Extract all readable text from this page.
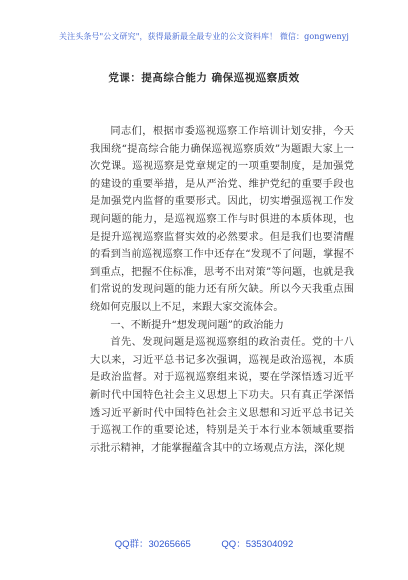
关注头条号"公文研究"，获得最新最全最专业的公文资料库！ 微信：gongwenyj
党课：提高综合能力 确保巡视巡察质效

同志们，根据市委巡视巡察工作培训计划安排，今天我围绕“提高综合能力确保巡视巡察质效”为题跟大家上一次党课。巡视巡察是党章规定的一项重要制度，是加强党的建设的重要举措，是从严治党、维护党纪的重要手段也是加强党内监督的重要形式。因此，切实增强巡视工作发现问题的能力，是巡视巡察工作与时俱进的本质体现，也是提升巡视巡察监督实效的必然要求。但是我们也要清醒的看到当前巡视巡察工作中还存在“发现不了问题，掌握不到重点，把握不住标准，思考不出对策”等问题，也就是我们常说的发现问题的能力还有所欠缺。所以今天我重点围绕如何克服以上不足，来跟大家交流体会。

一、不断提升“想发现问题”的政治能力

首先、发现问题是巡视巡察组的政治责任。党的十八大以来，习近平总书记多次强调，巡视是政治巡视，本质是政治监督。对于巡视巡察组来说，要在学深悟透习近平新时代中国特色社会主义思想上下功夫。只有真正学深悟透习近平新时代中国特色社会主义思想和习近平总书记关于巡视工作的重要论述，特别是关于本行业本领域重要指示批示精神，才能掌握蕴含其中的立场观点方法，深化规

QQ群：30265665	QQ：535304092
